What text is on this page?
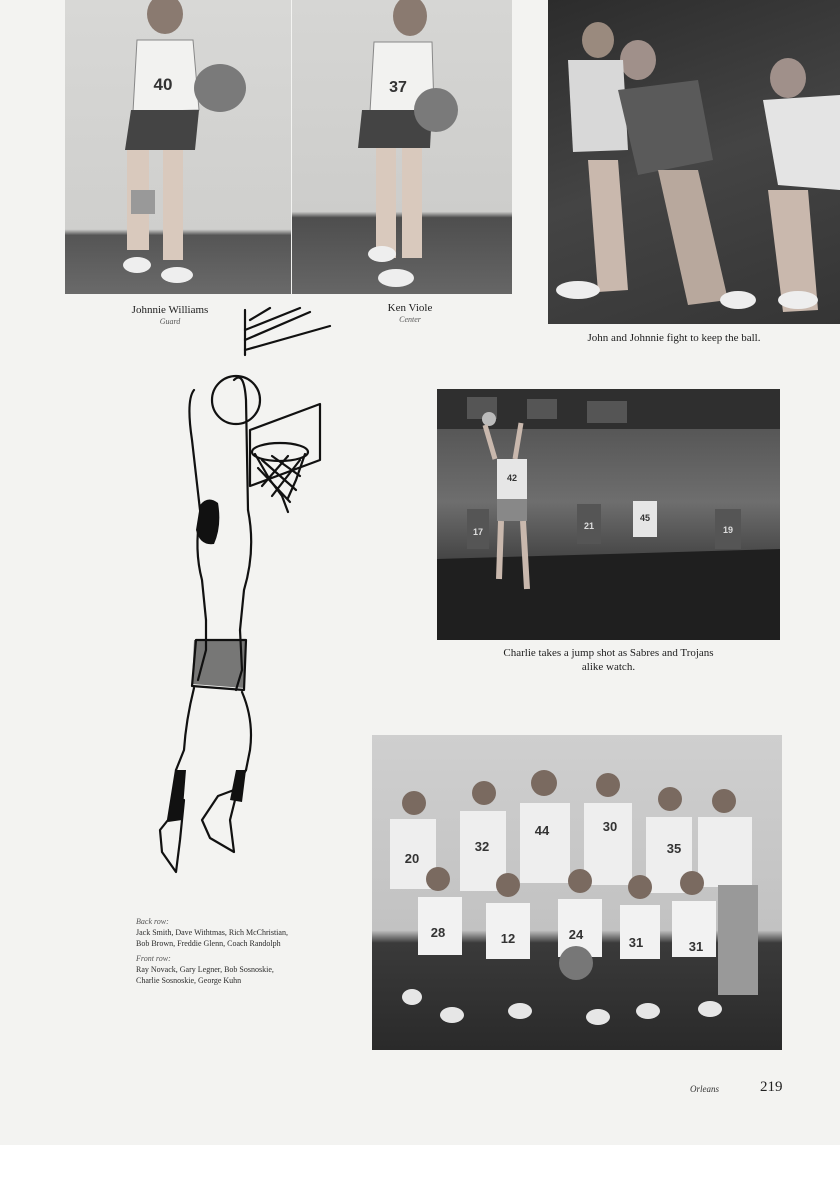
40	37
Johnnie Williams
Guard
Ken Viole
Center
John and Johnnie fight to keep the ball.
42
17
21
45
19
Charlie takes a jump shot as Sabres and Trojans
alike watch.
20
32
44	30
35
28	12	24
31	31
Back row:
Jack Smith, Dave Withtmas, Rich McChristian,
Bob Brown, Freddie Glenn, Coach Randolph
Front row:
Ray Novack, Gary Legner, Bob Sosnoskie,
Charlie Sosnoskie, George Kuhn
Orleans	219
